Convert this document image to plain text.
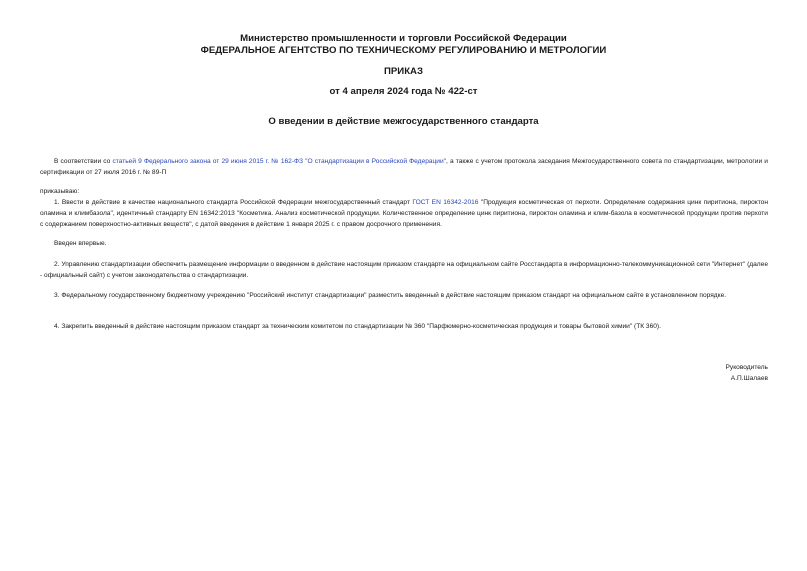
Министерство промышленности и торговли Российской Федерации
ФЕДЕРАЛЬНОЕ АГЕНТСТВО ПО ТЕХНИЧЕСКОМУ РЕГУЛИРОВАНИЮ И МЕТРОЛОГИИ
ПРИКАЗ
от 4 апреля 2024 года № 422-ст
О введении в действие межгосударственного стандарта
В соответствии со статьей 9 Федерального закона от 29 июня 2015 г. № 162-ФЗ "О стандартизации в Российской Федерации", а также с учетом протокола заседания Межгосударственного совета по стандартизации, метрологии и сертификации от 27 июля 2016 г. № 89-П
приказываю:
1. Ввести в действие в качестве национального стандарта Российской Федерации межгосударственный стандарт ГОСТ EN 16342-2016 "Продукция косметическая от перхоти. Определение содержания цинк пиритиона, пироктон оламина и климбазола", идентичный стандарту EN 16342:2013 "Косметика. Анализ косметической продукции. Количественное определение цинк пиритиона, пироктон оламина и клим-базола в косметической продукции против перхоти с содержанием поверхностно-активных веществ", с датой введения в действие 1 января 2025 г. с правом досрочного применения.
Введен впервые.
2. Управлению стандартизации обеспечить размещение информации о введенном в действие настоящим приказом стандарте на официальном сайте Росстандарта в информационно-телекоммуникационной сети "Интернет" (далее - официальный сайт) с учетом законодательства о стандартизации.
3. Федеральному государственному бюджетному учреждению "Российский институт стандартизации" разместить введенный в действие настоящим приказом стандарт на официальном сайте в установленном порядке.
4. Закрепить введенный в действие настоящим приказом стандарт за техническим комитетом по стандартизации № 360 "Парфюмерно-косметическая продукция и товары бытовой химии" (ТК 360).
Руководитель
А.П.Шалаев
